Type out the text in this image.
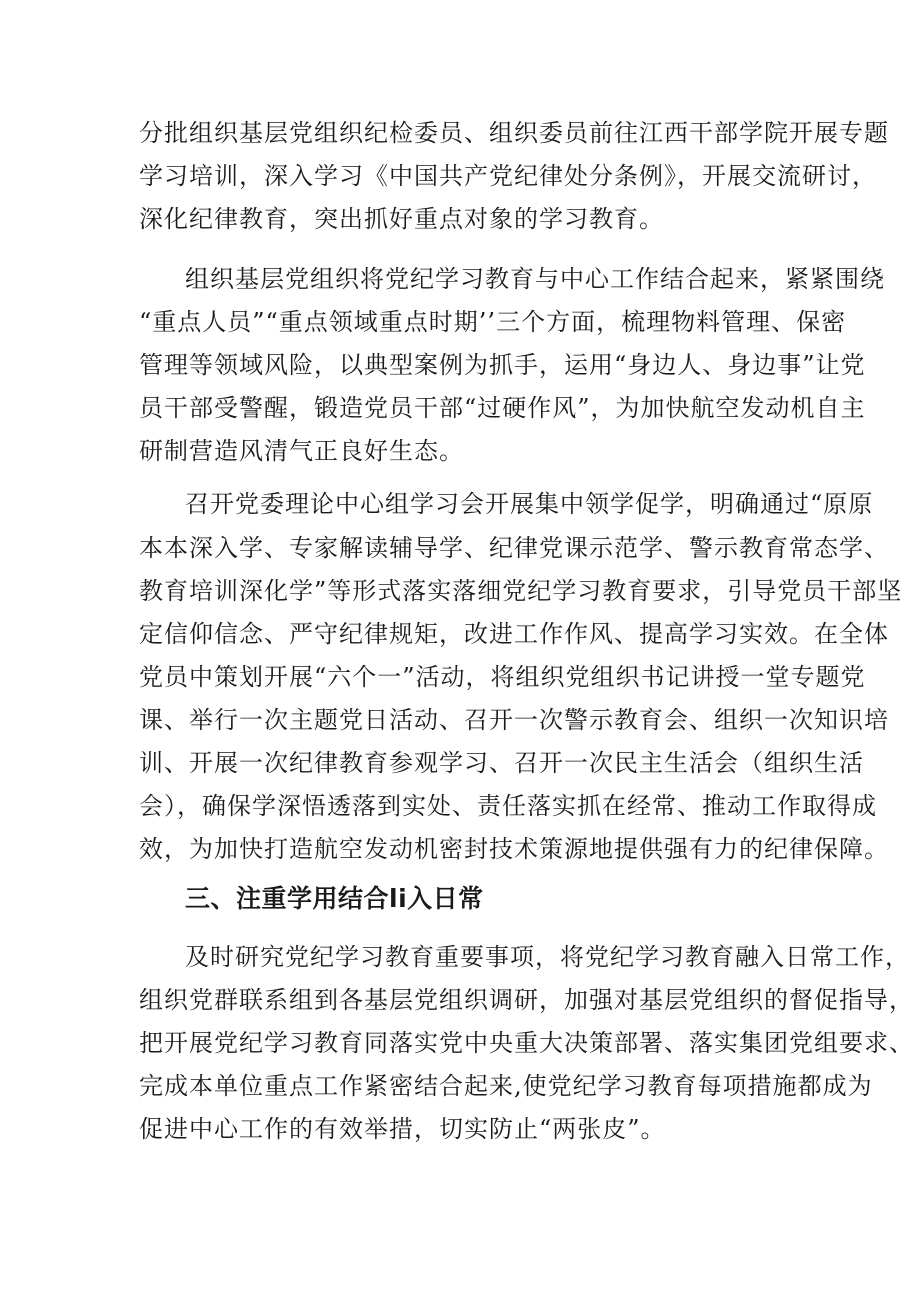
分批组织基层党组织纪检委员、组织委员前往江西干部学院开展专题
学习培训，深入学习《中国共产党纪律处分条例》，开展交流研讨，
深化纪律教育，突出抓好重点对象的学习教育。
组织基层党组织将党纪学习教育与中心工作结合起来，紧紧围绕
“重点人员”“重点领域重点时期’’三个方面，梳理物料管理、保密
管理等领域风险，以典型案例为抓手，运用“身边人、身边事”让党
员干部受警醒，锻造党员干部“过硬作风”，为加快航空发动机自主
研制营造风清气正良好生态。
召开党委理论中心组学习会开展集中领学促学，明确通过“原原
本本深入学、专家解读辅导学、纪律党课示范学、警示教育常态学、
教育培训深化学”等形式落实落细党纪学习教育要求，引导党员干部坚
定信仰信念、严守纪律规矩，改进工作作风、提高学习实效。在全体
党员中策划开展“六个一”活动，将组织党组织书记讲授一堂专题党
课、举行一次主题党日活动、召开一次警示教育会、组织一次知识培
训、开展一次纪律教育参观学习、召开一次民主生活会（组织生活
会），确保学深悟透落到实处、责任落实抓在经常、推动工作取得成
效，为加快打造航空发动机密封技术策源地提供强有力的纪律保障。
三、注重学用结合li入日常
及时研究党纪学习教育重要事项，将党纪学习教育融入日常工作，
组织党群联系组到各基层党组织调研，加强对基层党组织的督促指导，
把开展党纪学习教育同落实党中央重大决策部署、落实集团党组要求、
完成本单位重点工作紧密结合起来,使党纪学习教育每项措施都成为
促进中心工作的有效举措，切实防止“两张皮”。
